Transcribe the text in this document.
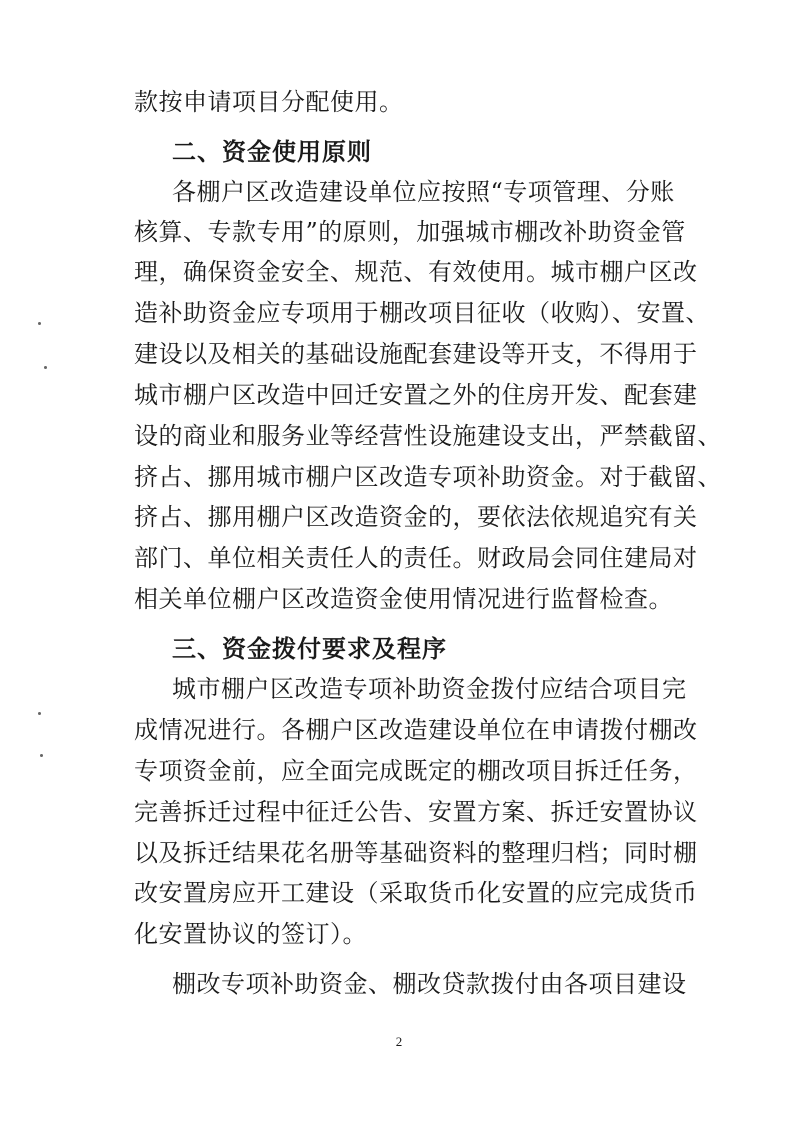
款按申请项目分配使用。
二、资金使用原则
各棚户区改造建设单位应按照“专项管理、分账
核算、专款专用”的原则，加强城市棚改补助资金管
理，确保资金安全、规范、有效使用。城市棚户区改
造补助资金应专项用于棚改项目征收（收购）、安置、
建设以及相关的基础设施配套建设等开支，不得用于
城市棚户区改造中回迁安置之外的住房开发、配套建
设的商业和服务业等经营性设施建设支出，严禁截留、
挤占、挪用城市棚户区改造专项补助资金。对于截留、
挤占、挪用棚户区改造资金的，要依法依规追究有关
部门、单位相关责任人的责任。财政局会同住建局对
相关单位棚户区改造资金使用情况进行监督检查。
三、资金拨付要求及程序
城市棚户区改造专项补助资金拨付应结合项目完
成情况进行。各棚户区改造建设单位在申请拨付棚改
专项资金前，应全面完成既定的棚改项目拆迁任务，
完善拆迁过程中征迁公告、安置方案、拆迁安置协议
以及拆迁结果花名册等基础资料的整理归档；同时棚
改安置房应开工建设（采取货币化安置的应完成货币
化安置协议的签订）。
棚改专项补助资金、棚改贷款拨付由各项目建设
2
